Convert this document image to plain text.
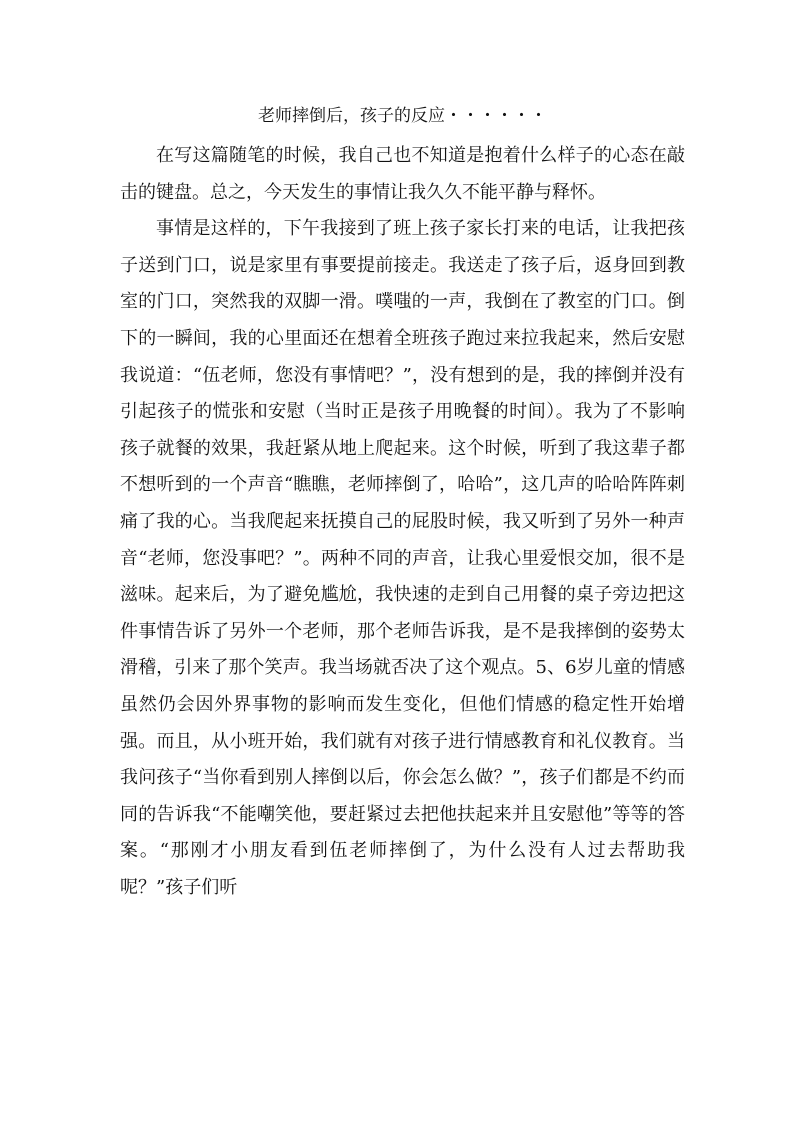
老师摔倒后，孩子的反应・・・・・・

在写这篇随笔的时候，我自己也不知道是抱着什么样子的心态在敲击的键盘。总之，今天发生的事情让我久久不能平静与释怀。

事情是这样的，下午我接到了班上孩子家长打来的电话，让我把孩子送到门口，说是家里有事要提前接走。我送走了孩子后，返身回到教室的门口，突然我的双脚一滑。噗嗤的一声，我倒在了教室的门口。倒下的一瞬间，我的心里面还在想着全班孩子跑过来拉我起来，然后安慰我说道：“伍老师，您没有事情吧？”，没有想到的是，我的摔倒并没有引起孩子的慌张和安慰（当时正是孩子用晚餐的时间）。我为了不影响孩子就餐的效果，我赶紧从地上爬起来。这个时候，听到了我这辈子都不想听到的一个声音“瞧瞧，老师摔倒了，哈哈”，这几声的哈哈阵阵刺痛了我的心。当我爬起来抚摸自己的屁股时候，我又听到了另外一种声音“老师，您没事吧？”。两种不同的声音，让我心里爱恨交加，很不是滋味。起来后，为了避免尴尬，我快速的走到自己用餐的桌子旁边把这件事情告诉了另外一个老师，那个老师告诉我，是不是我摔倒的姿势太滑稽，引来了那个笑声。我当场就否决了这个观点。5、6岁儿童的情感虽然仍会因外界事物的影响而发生变化，但他们情感的稳定性开始增强。而且，从小班开始，我们就有对孩子进行情感教育和礼仪教育。当我问孩子“当你看到别人摔倒以后，你会怎么做？”，孩子们都是不约而同的告诉我“不能嘲笑他，要赶紧过去把他扶起来并且安慰他”等等的答案。“那刚才小朋友看到伍老师摔倒了，为什么没有人过去帮助我呢？”孩子们听
